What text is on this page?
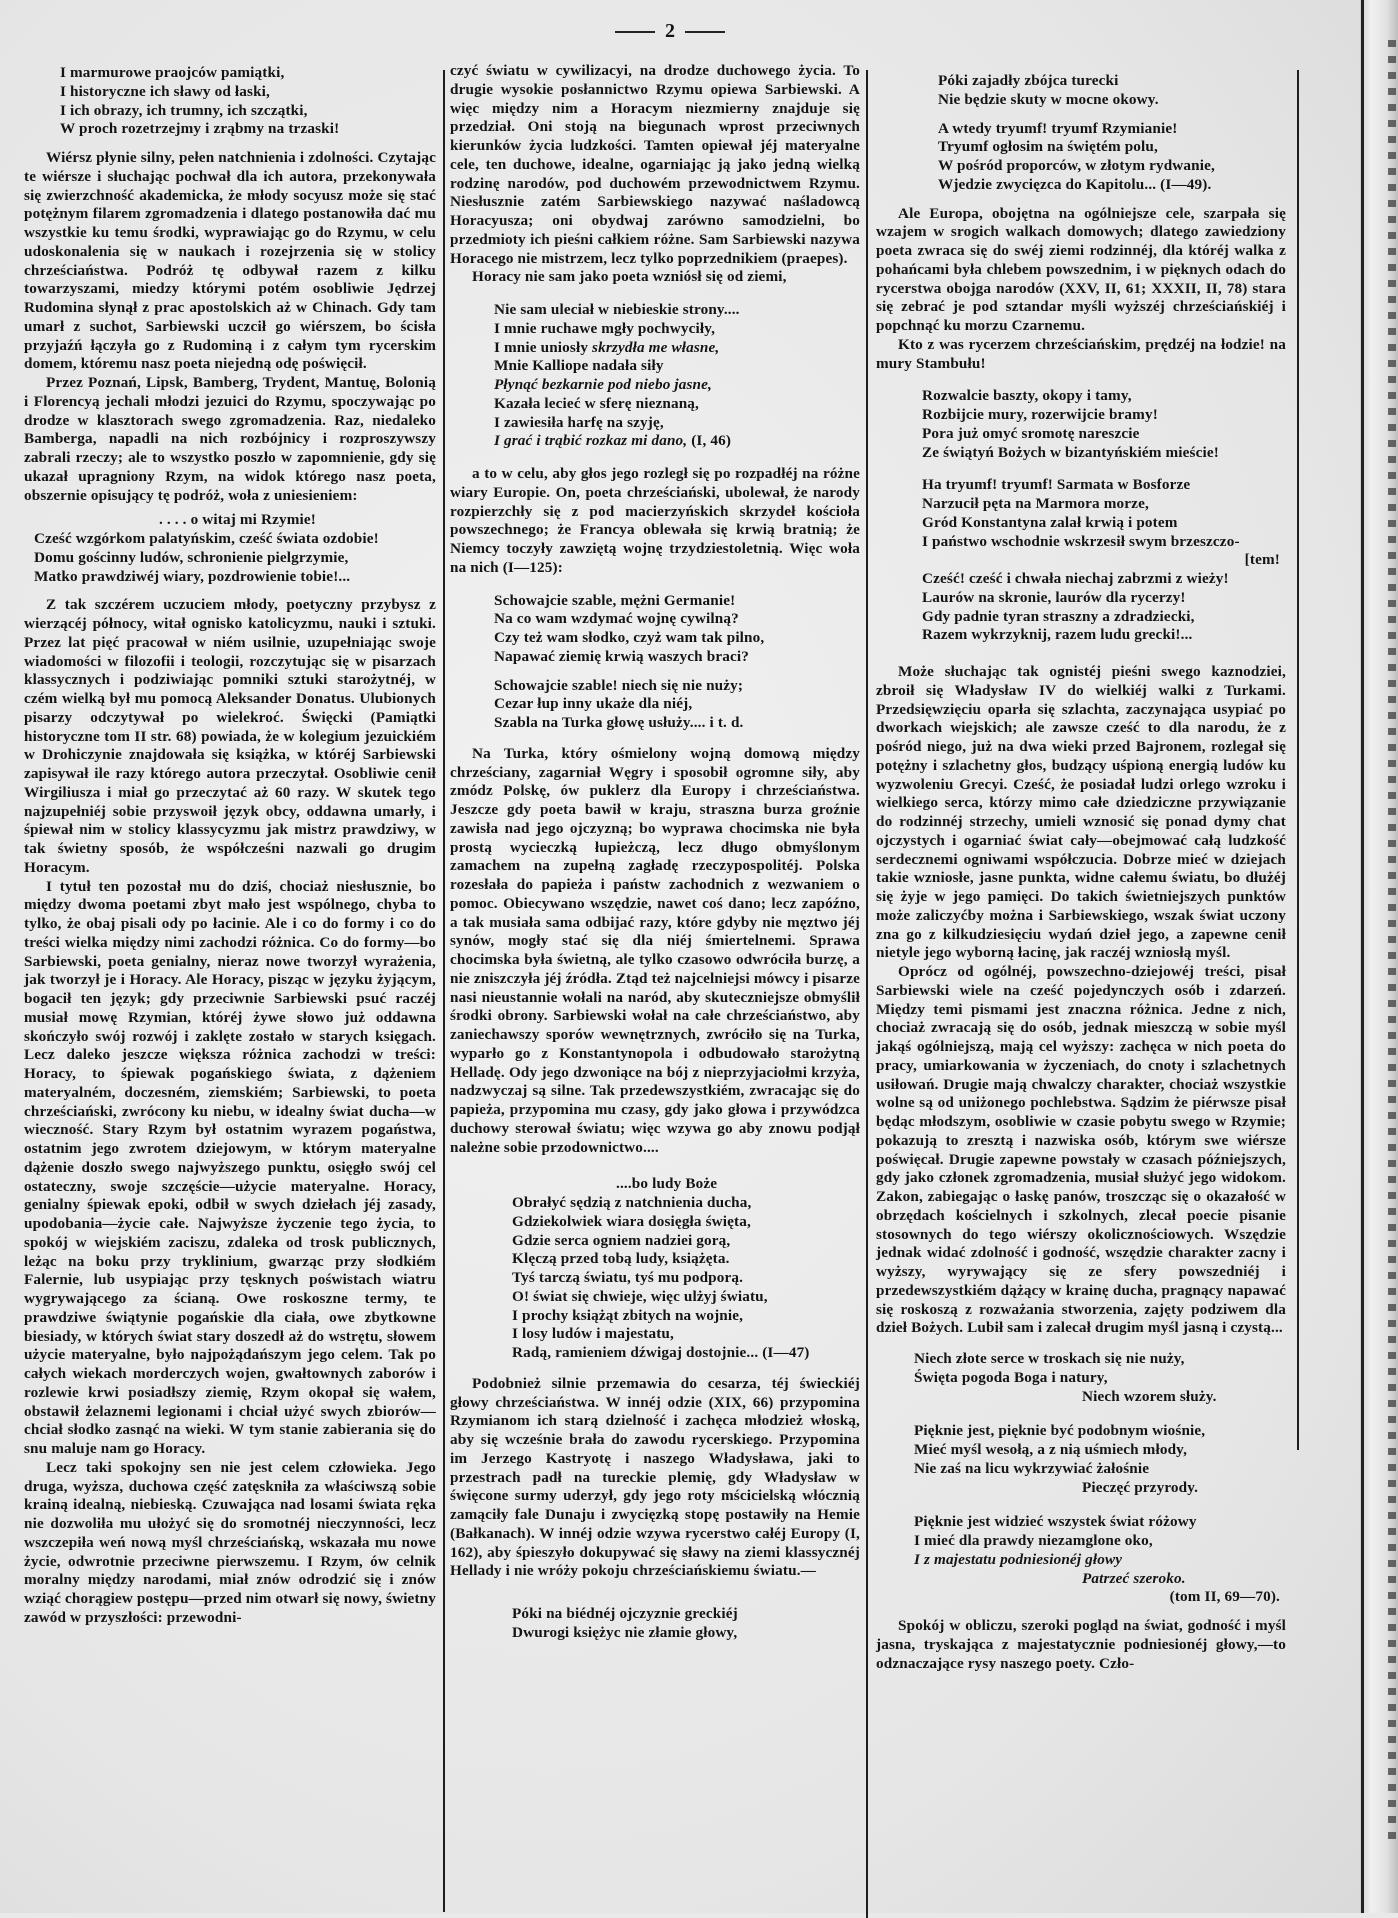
2
I marmurowe praojców pamiątki,
I historyczne ich sławy od łaski,
I ich obrazy, ich trumny, ich szczątki,
W proch rozetrzejmy i zrąbmy na trzaski!

Wiérsz płynie silny, pełen natchnienia i zdolności. Czytając te wiérsze i słuchając pochwał dla ich autora, przekonywała się zwierzchność akademicka, że młody socyusz może się stać potężnym filarem zgromadzenia i dlatego postanowiła dać mu wszystkie ku temu środki, wyprawiając go do Rzymu, w celu udoskonalenia się w naukach i rozejrzenia się w stolicy chrześciaństwa. Podróż tę odbywał razem z kilku towarzyszami, miedzy którymi potém osobliwie Jędrzej Rudomina słynął z prac apostolskich aż w Chinach. Gdy tam umarł z suchot, Sarbiewski uczcił go wiérszem, bo ścisła przyjaźń łączyła go z Rudominą i z całym tym rycerskim domem, któremu nasz poeta niejedną odę poświęcił.

Przez Poznań, Lipsk, Bamberg, Trydent, Mantuę, Bolonią i Florencyą jechali młodzi jezuici do Rzymu, spoczywając po drodze w klasztorach swego zgromadzenia. Raz, niedaleko Bamberga, napadli na nich rozbójnicy i rozproszywszy zabrali rzeczy; ale to wszystko poszło w zapomnienie, gdy się ukazał upragniony Rzym, na widok którego nasz poeta, obszernie opisujący tę podróż, woła z uniesieniem:

. . . . o witaj mi Rzymie!
Cześć wzgórkom palatyńskim, cześć świata ozdobie!
Domu gościnny ludów, schronienie pielgrzymie,
Matko prawdziwéj wiary, pozdrowienie tobie!...

Z tak szczérem uczuciem młody, poetyczny przybysz z wierzącéj północy, witał ognisko katolicyzmu, nauki i sztuki. Przez lat pięć pracował w niém usilnie, uzupełniając swoje wiadomości w filozofii i teologii, rozczytując się w pisarzach klassycznych i podziwiając pomniki sztuki starożytnéj, w czém wielką był mu pomocą Aleksander Donatus. Ulubionych pisarzy odczytywał po wielekroć. Święcki (Pamiątki historyczne tom II str. 68) powiada, że w kolegium jezuickiém w Drohiczynie znajdowała się książka, w któréj Sarbiewski zapisywał ile razy którego autora przeczytał. Osobliwie cenił Wirgiliusza i miał go przeczytać aż 60 razy. W skutek tego najzupełniéj sobie przyswoił język obcy, oddawna umarły, i śpiewał nim w stolicy klassycyzmu jak mistrz prawdziwy, w tak świetny sposób, że współcześni nazwali go drugim Horacym.

I tytuł ten pozostał mu do dziś, chociaż niesłusznie, bo między dwoma poetami zbyt mało jest wspólnego, chyba to tylko, że obaj pisali ody po łacinie. Ale i co do formy i co do treści wielka między nimi zachodzi różnica. Co do formy—bo Sarbiewski, poeta genialny, nieraz nowe tworzył wyrażenia, jak tworzył je i Horacy. Ale Horacy, pisząc w języku żyjącym, bogacił ten język; gdy przeciwnie Sarbiewski psuć raczéj musiał mowę Rzymian, któréj żywe słowo już oddawna skończyło swój rozwój i zaklęte zostało w starych księgach. Lecz daleko jeszcze większa różnica zachodzi w treści: Horacy, to śpiewak pogańskiego świata, z dążeniem materyalném, doczesném, ziemskiém; Sarbiewski, to poeta chrześciański, zwrócony ku niebu, w idealny świat ducha—w wieczność. Stary Rzym był ostatnim wyrazem pogaństwa, ostatnim jego zwrotem dziejowym, w którym materyalne dążenie doszło swego najwyższego punktu, osięgło swój cel ostateczny, swoje szczęście—użycie materyalne. Horacy, genialny śpiewak epoki, odbił w swych dziełach jéj zasady, upodobania—życie całe. Najwyższe życzenie tego życia, to spokój w wiejskiém zaciszu, zdaleka od trosk publicznych, leżąc na boku przy tryklinium, gwarząc przy słodkiém Falernie, lub usypiając przy tęsknych poświstach wiatru wygrywającego za ścianą. Owe roskoszne termy, te prawdziwe świątynie pogańskie dla ciała, owe zbytkowne biesiady, w których świat stary doszedł aż do wstrętu, słowem użycie materyalne, było najpożądańszym jego celem. Tak po całych wiekach morderczych wojen, gwałtownych zaborów i rozlewie krwi posiadłszy ziemię, Rzym okopał się wałem, obstawił żelaznemi legionami i chciał użyć swych zbiorów—chciał słodko zasnąć na wieki. W tym stanie zabierania się do snu maluje nam go Horacy.

Lecz taki spokojny sen nie jest celem człowieka. Jego druga, wyższa, duchowa część zatęskniła za właściwszą sobie krainą idealną, niebieską. Czuwająca nad losami świata ręka nie dozwoliła mu ułożyć się do sromotnéj nieczynności, lecz wszczepiła weń nową myśl chrześciańską, wskazała mu nowe życie, odwrotnie przeciwne pierwszemu. I Rzym, ów celnik moralny między narodami, miał znów odrodzić się i znów wziąć chorągiew postępu—przed nim otwarł się nowy, świetny zawód w przyszłości: przewodni-

czyć światu w cywilizacyi, na drodze duchowego życia. To drugie wysokie posłannictwo Rzymu opiewa Sarbiewski. A więc między nim a Horacym niezmierny znajduje się przedział. Oni stoją na biegunach wprost przeciwnych kierunków życia ludzkości. Tamten opiewał jéj materyalne cele, ten duchowe, idealne, ogarniając ją jako jedną wielką rodzinę narodów, pod duchowém przewodnictwem Rzymu. Niesłusznie zatém Sarbiewskiego nazywać naśladowcą Horacyusza; oni obydwaj zarówno samodzielni, bo przedmioty ich pieśni całkiem różne. Sam Sarbiewski nazywa Horacego nie mistrzem, lecz tylko poprzednikiem (praepes).

Horacy nie sam jako poeta wzniósł się od ziemi,

Nie sam uleciał w niebieskie strony....
I mnie ruchawe mgły pochwyciły,
I mnie uniosły skrzydła me własne,
Mnie Kalliope nadała siły
Płynąć bezkarnie pod niebo jasne,
Kazała lecieć w sferę nieznaną,
I zawiesiła harfę na szyję,
I grać i trąbić rozkaz mi dano, (I, 46)

a to w celu, aby głos jego rozległ się po rozpadłéj na różne wiary Europie. On, poeta chrześciański, ubolewał, że narody rozpierzchły się z pod macierzyńskich skrzydeł kościoła powszechnego; że Francya oblewała się krwią bratnią; że Niemcy toczyły zawziętą wojnę trzydziestoletnią. Więc woła na nich (I—125):

Schowajcie szable, mężni Germanie!
Na co wam wzdymać wojnę cywilną?
Czy też wam słodko, czyż wam tak pilno,
Napawać ziemię krwią waszych braci?
Schowajcie szable! niech się nie nuży;
Cezar łup inny ukaże dla niéj,
Szabla na Turka głowę usłuży.... i t. d.

Na Turka, który ośmielony wojną domową między chrześciany, zagarniał Węgry i sposobił ogromne siły, aby zmódz Polskę, ów puklerz dla Europy i chrześciaństwa. Jeszcze gdy poeta bawił w kraju, straszna burza groźnie zawisła nad jego ojczyzną; bo wyprawa chocimska nie była prostą wycieczką łupieżczą, lecz długo obmyślonym zamachem na zupełną zagładę rzeczypospolitéj. Polska rozesłała do papieża i państw zachodnich z wezwaniem o pomoc. Obiecywano wszędzie, nawet coś dano; lecz zapóźno, a tak musiała sama odbijać razy, które gdyby nie męztwo jéj synów, mogły stać się dla niéj śmiertelnemi. Sprawa chocimska była świetną, ale tylko czasowo odwróciła burzę, a nie zniszczyła jéj źródła. Ztąd też najcelniejsi mówcy i pisarze nasi nieustannie wołali na naród, aby skuteczniejsze obmyślił środki obrony. Sarbiewski wołał na całe chrześciaństwo, aby zaniechawszy sporów wewnętrznych, zwróciło się na Turka, wyparło go z Konstantynopola i odbudowało starożytną Helladę. Ody jego dzwoniące na bój z nieprzyjaciołmi krzyża, nadzwyczaj są silne. Tak przedewszystkiém, zwracając się do papieża, przypomina mu czasy, gdy jako głowa i przywódzca duchowy sterował światu; więc wzywa go aby znowu podjął należne sobie przodownictwo....

....bo ludy Boże
Obrałyć sędzią z natchnienia ducha,
Gdziekolwiek wiara dosięgła święta,
Gdzie serca ogniem nadziei gorą,
Klęczą przed tobą ludy, książęta.
Tyś tarczą światu, tyś mu podporą.
O! świat się chwieje, więc ulżyj światu,
I prochy książąt zbitych na wojnie,
I losy ludów i majestatu,
Radą, ramieniem dźwigaj dostojnie... (I—47)

Podobnież silnie przemawia do cesarza, téj świeckiéj głowy chrześciaństwa. W innéj odzie (XIX, 66) przypomina Rzymianom ich starą dzielność i zachęca młodzież włoską, aby się wcześnie brała do zawodu rycerskiego. Przypomina im Jerzego Kastryotę i naszego Władysława, jaki to przestrach padł na tureckie plemię, gdy Władysław w święcone surmy uderzył, gdy jego roty mścicielską włócznią zamąciły fale Dunaju i zwycięzką stopę postawiły na Hemie (Bałkanach). W innéj odzie wzywa rycerstwo całéj Europy (I, 162), aby śpieszyło dokupywać się sławy na ziemi klassycznéj Hellady i nie wróży pokoju chrześciańskiemu światu.—

Póki na biédnéj ojczyznie greckiéj
Dwurogi księżyc nie złamie głowy,
Póki zajadły zbójca turecki
Nie będzie skuty w mocne okowy.
A wtedy tryumf! tryumf Rzymianie!
Tryumf ogłosim na świętém polu,
W pośród proporców, w złotym rydwanie,
Wjedzie zwycięzca do Kapitolu... (I—49).

Ale Europa, obojętna na ogólniejsze cele, szarpała się wzajem w srogich walkach domowych; dlatego zawiedziony poeta zwraca się do swéj ziemi rodzinnéj, dla któréj walka z pohańcami była chlebem powszednim, i w pięknych odach do rycerstwa obojga narodów (XXV, II, 61; XXXII, II, 78) stara się zebrać je pod sztandar myśli wyższéj chrześciańskiéj i popchnąć ku morzu Czarnemu.

Kto z was rycerzem chrześciańskim, prędzéj na łodzie! na mury Stambułu!

Rozwalcie baszty, okopy i tamy,
Rozbijcie mury, rozerwijcie bramy!
Pora już omyć sromotę nareszcie
Ze świątyń Bożych w bizantyńskiém mieście!
Ha tryumf! tryumf! Sarmata w Bosforze
Narzucił pęta na Marmora morze,
Gród Konstantyna zalał krwią i potem
I państwo wschodnie wskrzesił swym brzeszczo-
[tem!
Cześć! cześć i chwała niechaj zabrzmi z wieży!
Laurów na skronie, laurów dla rycerzy!
Gdy padnie tyran straszny a zdradziecki,
Razem wykrzyknij, razem ludu grecki!...

Może słuchając tak ognistéj pieśni swego kaznodziei, zbroił się Władysław IV do wielkiéj walki z Turkami. Przedsięwzięciu oparła się szlachta, zaczynająca usypiać po dworkach wiejskich; ale zawsze cześć to dla narodu, że z pośród niego, już na dwa wieki przed Bajronem, rozlegał się potężny i szlachetny głos, budzący uśpioną energią ludów ku wyzwoleniu Grecyi. Cześć, że posiadał ludzi orlego wzroku i wielkiego serca, którzy mimo całe dziedziczne przywiązanie do rodzinnéj strzechy, umieli wznosić się ponad dymy chat ojczystych i ogarniać świat cały—obejmować całą ludzkość serdecznemi ogniwami współczucia. Dobrze mieć w dziejach takie wzniosłe, jasne punkta, widne całemu światu, bo dłużéj się żyje w jego pamięci. Do takich świetniejszych punktów może zaliczyćby można i Sarbiewskiego, wszak świat uczony zna go z kilkudziesięciu wydań dzieł jego, a zapewne cenił nietyle jego wyborną łacinę, jak raczéj wzniosłą myśl.

Oprócz od ogólnéj, powszechno-dziejowéj treści, pisał Sarbiewski wiele na cześć pojedynczych osób i zdarzeń. Między temi pismami jest znaczna różnica. Jedne z nich, chociaż zwracają się do osób, jednak mieszczą w sobie myśl jakąś ogólniejszą, mają cel wyższy: zachęca w nich poeta do pracy, umiarkowania w życzeniach, do cnoty i szlachetnych usiłowań. Drugie mają chwalczy charakter, chociaż wszystkie wolne są od uniżonego pochlebstwa. Sądzim że piérwsze pisał będąc młodszym, osobliwie w czasie pobytu swego w Rzymie; pokazują to zresztą i nazwiska osób, którym swe wiérsze poświęcał. Drugie zapewne powstały w czasach późniejszych, gdy jako członek zgromadzenia, musiał służyć jego widokom. Zakon, zabiegając o łaskę panów, troszcząc się o okazałość w obrzędach kościelnych i szkolnych, zlecał poecie pisanie stosownych do tego wiérszy okolicznościowych. Wszędzie jednak widać zdolność i godność, wszędzie charakter zacny i wyższy, wyrywający się ze sfery powszedniéj i przedewszystkiém dążący w krainę ducha, pragnący napawać się roskoszą z rozważania stworzenia, zajęty podziwem dla dzieł Bożych. Lubił sam i zalecał drugim myśl jasną i czystą...

Niech złote serce w troskach się nie nuży,
Święta pogoda Boga i natury,
Niech wzorem służy.
Pięknie jest, pięknie być podobnym wiośnie,
Mieć myśl wesołą, a z nią uśmiech młody,
Nie zaś na licu wykrzywiać żałośnie
Pieczęć przyrody.
Pięknie jest widzieć wszystek świat różowy
I mieć dla prawdy niezamglone oko,
I z majestatu podniesionéj głowy
Patrzeć szeroko.
(tom II, 69—70).

Spokój w obliczu, szeroki pogląd na świat, godność i myśl jasna, tryskająca z majestatycznie podniesionéj głowy,—to odznaczające rysy naszego poety. Czło-
